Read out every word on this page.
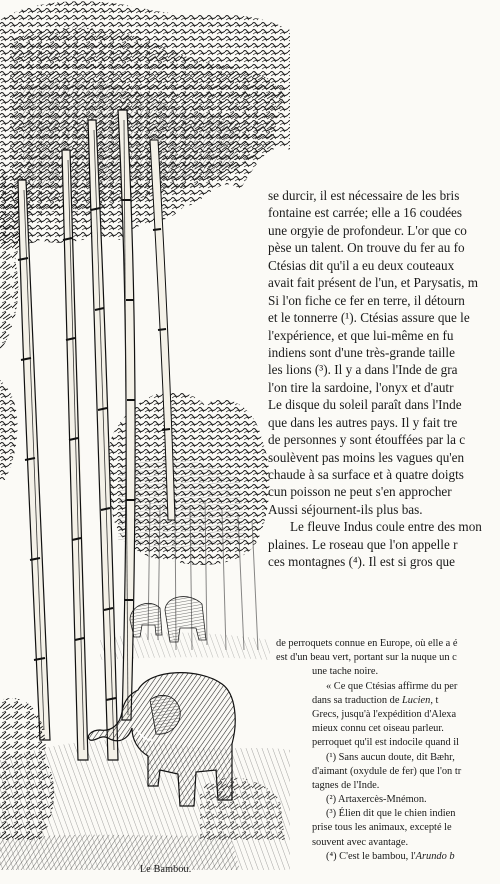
Le Bambou.
se durcir, il est nécessaire de les bris
fontaine est carrée; elle a 16 coudées
une orgyie de profondeur. L'or que co
pèse un talent. On trouve du fer au fo
Ctésias dit qu'il a eu deux couteaux
avait fait présent de l'un, et Parysatis, m
Si l'on fiche ce fer en terre, il détourn
et le tonnerre (¹). Ctésias assure que le
l'expérience, et que lui-même en fu
indiens sont d'une très-grande taille
les lions (³). Il y a dans l'Inde de gra
l'on tire la sardoine, l'onyx et d'autr
Le disque du soleil paraît dans l'Inde
que dans les autres pays. Il y fait tre
de personnes y sont étouffées par la c
soulèvent pas moins les vagues qu'en
chaude à sa surface et à quatre doigts
cun poisson ne peut s'en approcher
Aussi séjournent-ils plus bas.
Le fleuve Indus coule entre des mon
plaines. Le roseau que l'on appelle r
ces montagnes (⁴). Il est si gros que
de perroquets connue en Europe, où elle a é
est d'un beau vert, portant sur la nuque un c
une tache noire.
« Ce que Ctésias affirme du per
dans sa traduction de Lucien, t
Grecs, jusqu'à l'expédition d'Alexa
mieux connu cet oiseau parleur.
perroquet qu'il est indocile quand il
(¹) Sans aucun doute, dit Bæhr,
d'aimant (oxydule de fer) que l'on tr
tagnes de l'Inde.
(²) Artaxercès-Mnémon.
(³) Élien dit que le chien indien
prise tous les animaux, excepté le
souvent avec avantage.
(⁴) C'est le bambou, l'Arundo b
